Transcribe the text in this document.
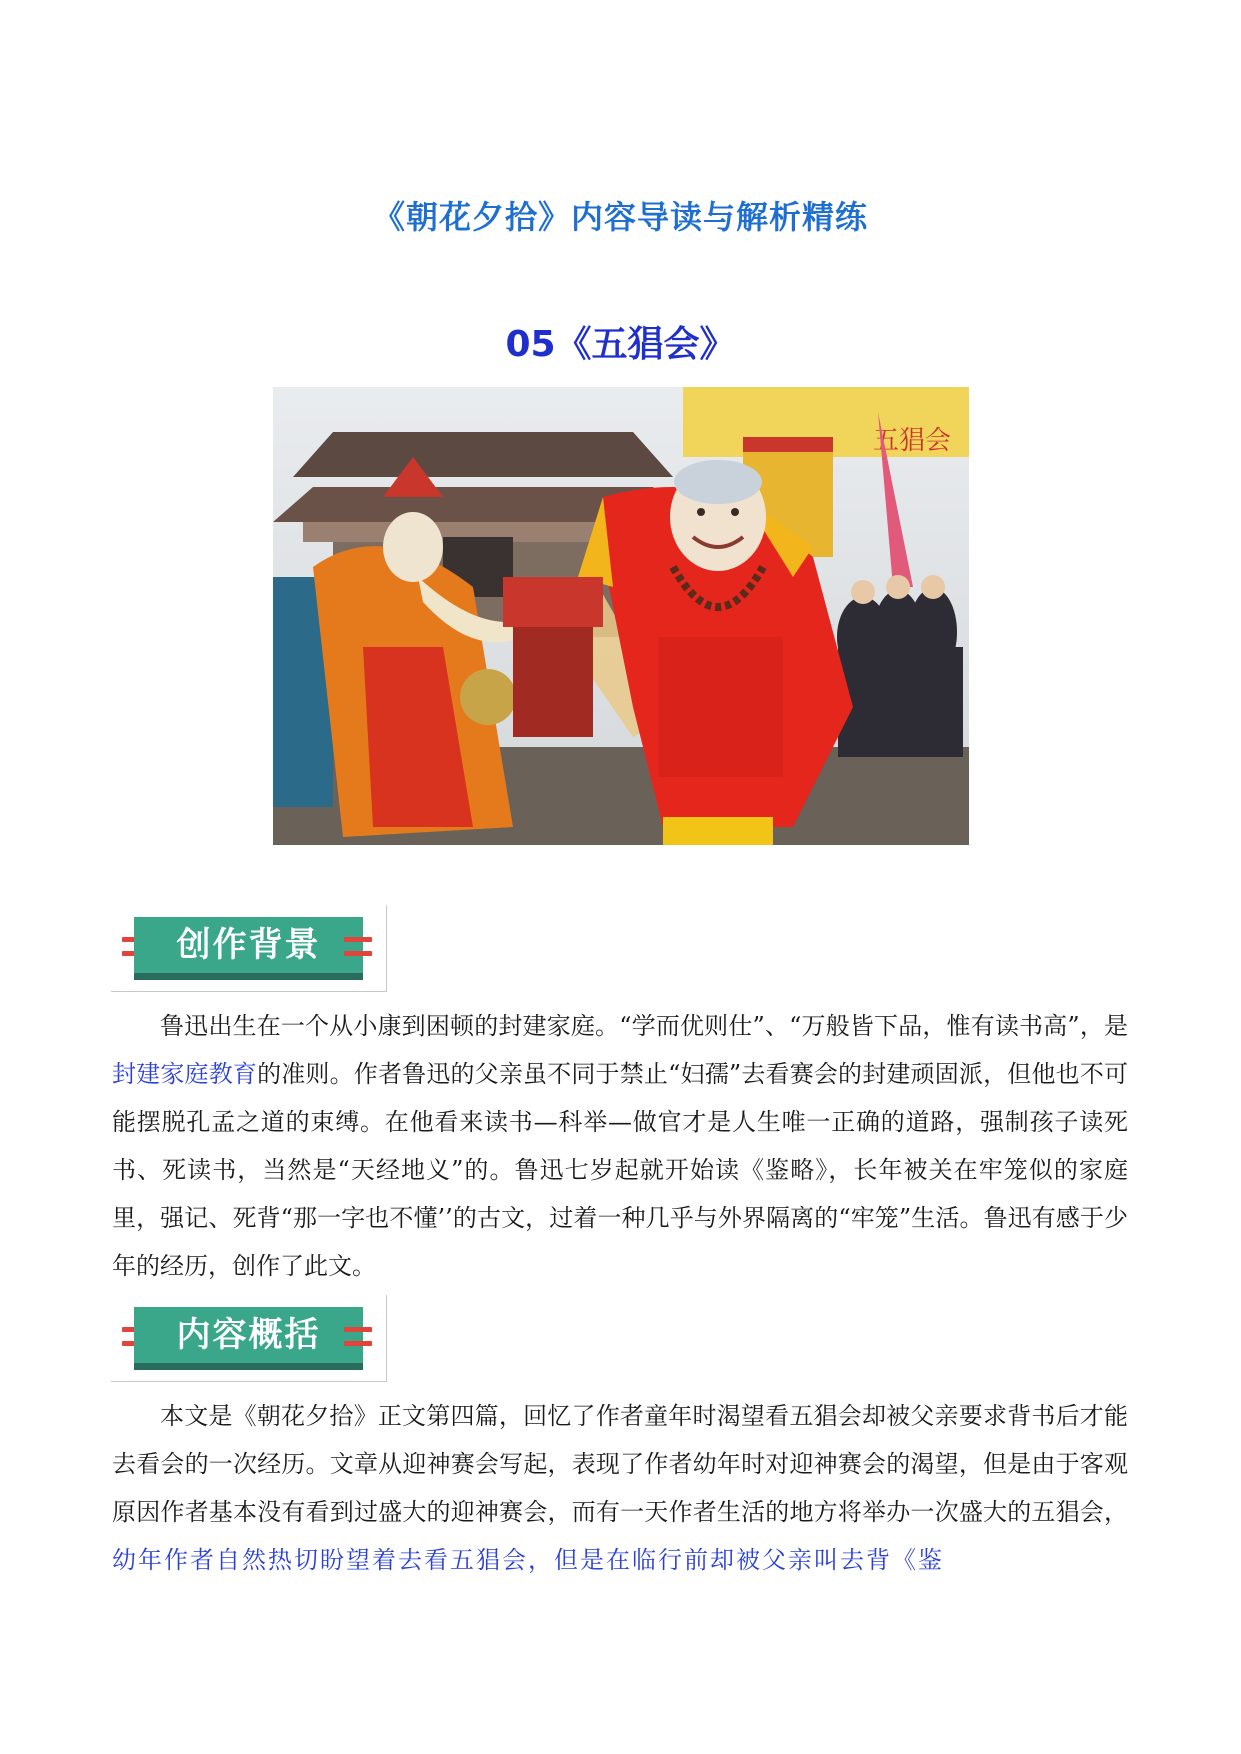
《朝花夕拾》内容导读与解析精练
05《五猖会》
五猖会
创作背景

鲁迅出生在一个从小康到困顿的封建家庭。“学而优则仕”、“万般皆下品，惟有读书高”，是封建家庭教育的准则。作者鲁迅的父亲虽不同于禁止“妇孺”去看赛会的封建顽固派，但他也不可能摆脱孔孟之道的束缚。在他看来读书—科举—做官才是人生唯一正确的道路，强制孩子读死书、死读书，当然是“天经地义”的。鲁迅七岁起就开始读《鉴略》，长年被关在牢笼似的家庭里，强记、死背“那一字也不懂’’的古文，过着一种几乎与外界隔离的“牢笼”生活。鲁迅有感于少年的经历，创作了此文。

内容概括

本文是《朝花夕拾》正文第四篇，回忆了作者童年时渴望看五猖会却被父亲要求背书后才能去看会的一次经历。文章从迎神赛会写起，表现了作者幼年时对迎神赛会的渴望，但是由于客观原因作者基本没有看到过盛大的迎神赛会，而有一天作者生活的地方将举办一次盛大的五猖会，幼年作者自然热切盼望着去看五猖会，但是在临行前却被父亲叫去背《鉴
